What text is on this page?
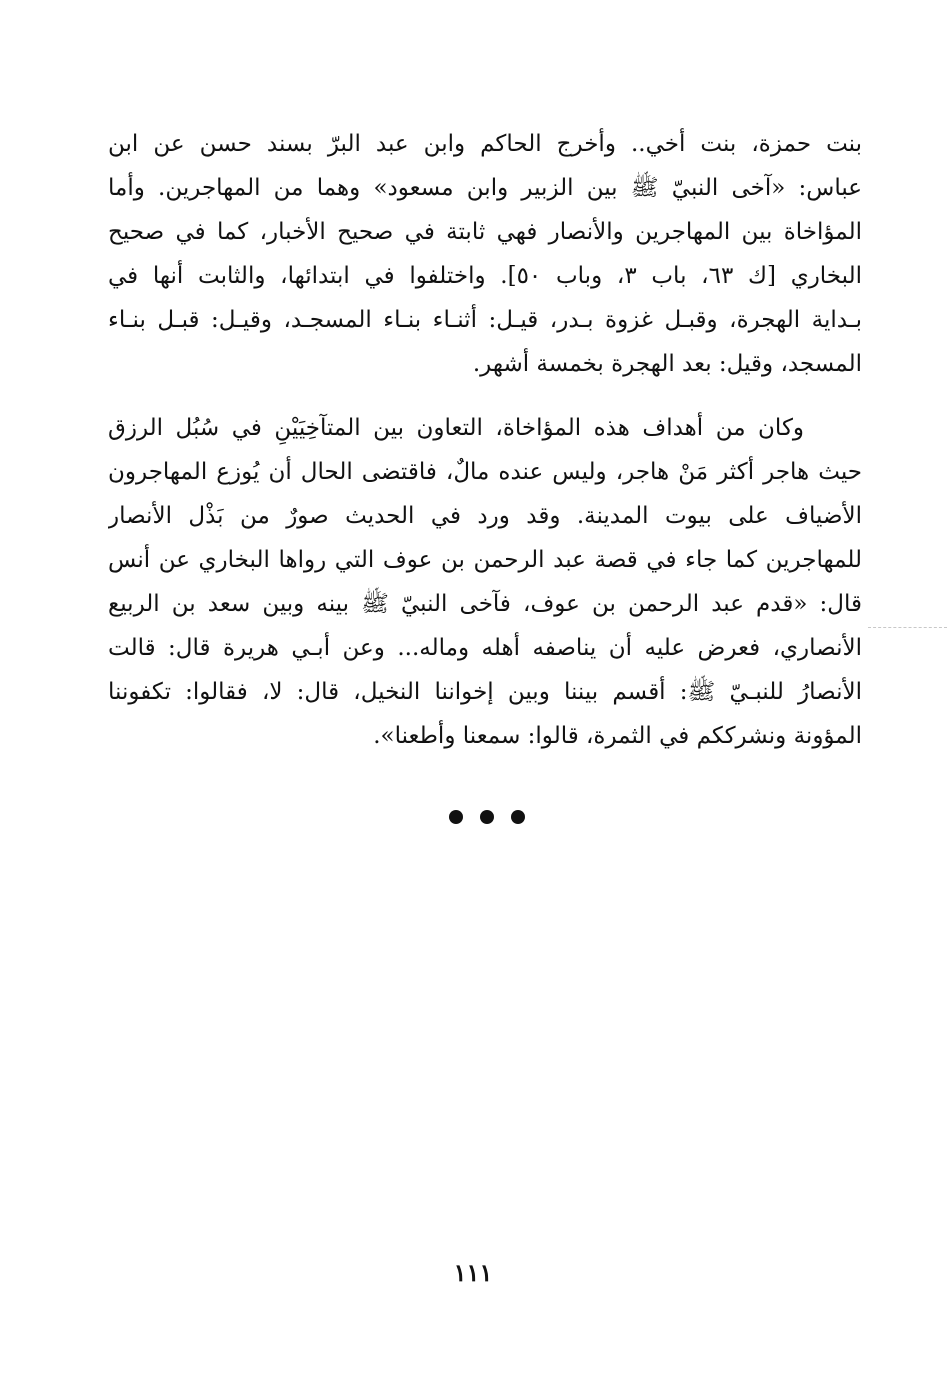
بنت حمزة، بنت أخي.. وأخرج الحاكم وابن عبد البرّ بسند حسن عن ابن
عباس: «آخى النبيّ ﷺ بين الزبير وابن مسعود» وهما من المهاجرين. وأما
المؤاخاة بين المهاجرين والأنصار فهي ثابتة في صحيح الأخبار، كما في صحيح
البخاري [ك ٦٣، باب ٣، وباب ٥٠]. واختلفوا في ابتدائها، والثابت أنها في
بـداية الهجرة، وقبـل غزوة بـدر، قيـل: أثنـاء بنـاء المسجـد، وقيـل: قبـل بنـاء
المسجد، وقيل: بعد الهجرة بخمسة أشهر.
وكان من أهداف هذه المؤاخاة، التعاون بين المتآخِيَيْنِ في سُبُل الرزق
حيث هاجر أكثر مَنْ هاجر، وليس عنده مالٌ، فاقتضى الحال أن يُوزع المهاجرون
الأضياف على بيوت المدينة. وقد ورد في الحديث صورٌ من بَذْل الأنصار
للمهاجرين كما جاء في قصة عبد الرحمن بن عوف التي رواها البخاري عن أنس
قال: «قدم عبد الرحمن بن عوف، فآخى النبيّ ﷺ بينه وبين سعد بن الربيع
الأنصاري، فعرض عليه أن يناصفه أهله وماله... وعن أبـي هريرة قال: قالت
الأنصارُ للنبـيّ ﷺ: أقسم بيننا وبين إخواننا النخيل، قال: لا، فقالوا: تكفوننا
المؤونة ونشرككم في الثمرة، قالوا: سمعنا وأطعنا».
١١١
